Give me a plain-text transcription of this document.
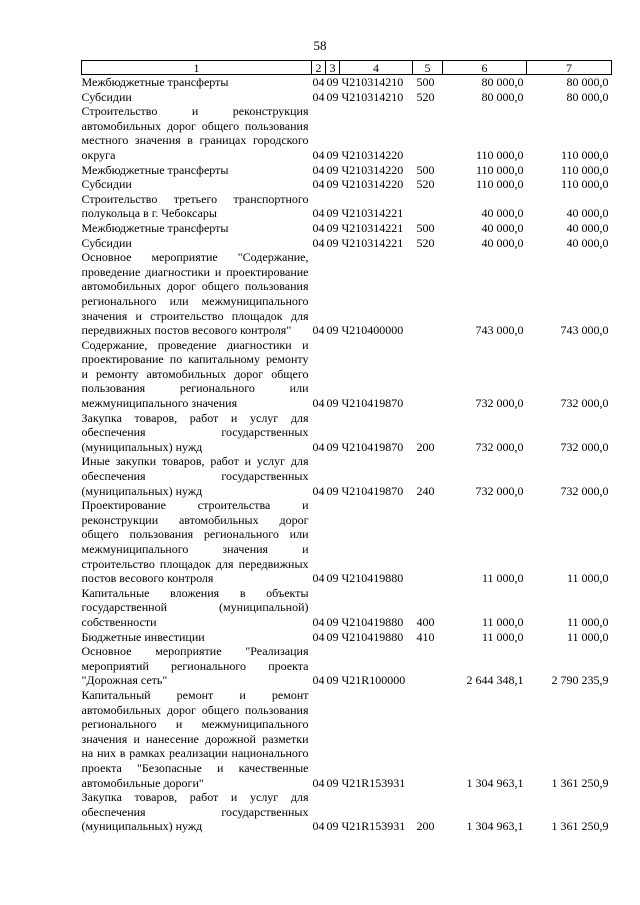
58
1	2	3	4	5	6	7
Межбюджетные трансферты	04	09	Ч210314210	500	80 000,0	80 000,0
Субсидии	04	09	Ч210314210	520	80 000,0	80 000,0
Строительство и реконструкция автомобильных дорог общего пользования местного значения в границах городского округа	04	09	Ч210314220		110 000,0	110 000,0
Межбюджетные трансферты	04	09	Ч210314220	500	110 000,0	110 000,0
Субсидии	04	09	Ч210314220	520	110 000,0	110 000,0
Строительство третьего транспортного полукольца в г. Чебоксары	04	09	Ч210314221		40 000,0	40 000,0
Межбюджетные трансферты	04	09	Ч210314221	500	40 000,0	40 000,0
Субсидии	04	09	Ч210314221	520	40 000,0	40 000,0
Основное мероприятие "Содержание, проведение диагностики и проектирование автомобильных дорог общего пользования регионального или межмуниципального значения и строительство площадок для передвижных постов весового контроля"	04	09	Ч210400000		743 000,0	743 000,0
Содержание, проведение диагностики и проектирование по капитальному ремонту и ремонту автомобильных дорог общего пользования регионального или межмуниципального значения	04	09	Ч210419870		732 000,0	732 000,0
Закупка товаров, работ и услуг для обеспечения государственных (муниципальных) нужд	04	09	Ч210419870	200	732 000,0	732 000,0
Иные закупки товаров, работ и услуг для обеспечения государственных (муниципальных) нужд	04	09	Ч210419870	240	732 000,0	732 000,0
Проектирование строительства и реконструкции автомобильных дорог общего пользования регионального или межмуниципального значения и строительство площадок для передвижных постов весового контроля	04	09	Ч210419880		11 000,0	11 000,0
Капитальные вложения в объекты государственной (муниципальной) собственности	04	09	Ч210419880	400	11 000,0	11 000,0
Бюджетные инвестиции	04	09	Ч210419880	410	11 000,0	11 000,0
Основное мероприятие "Реализация мероприятий регионального проекта "Дорожная сеть"	04	09	Ч21R100000		2 644 348,1	2 790 235,9
Капитальный ремонт и ремонт автомобильных дорог общего пользования регионального и межмуниципального значения и нанесение дорожной разметки на них в рамках реализации национального проекта "Безопасные и качественные автомобильные дороги"	04	09	Ч21R153931		1 304 963,1	1 361 250,9
Закупка товаров, работ и услуг для обеспечения государственных (муниципальных) нужд	04	09	Ч21R153931	200	1 304 963,1	1 361 250,9
